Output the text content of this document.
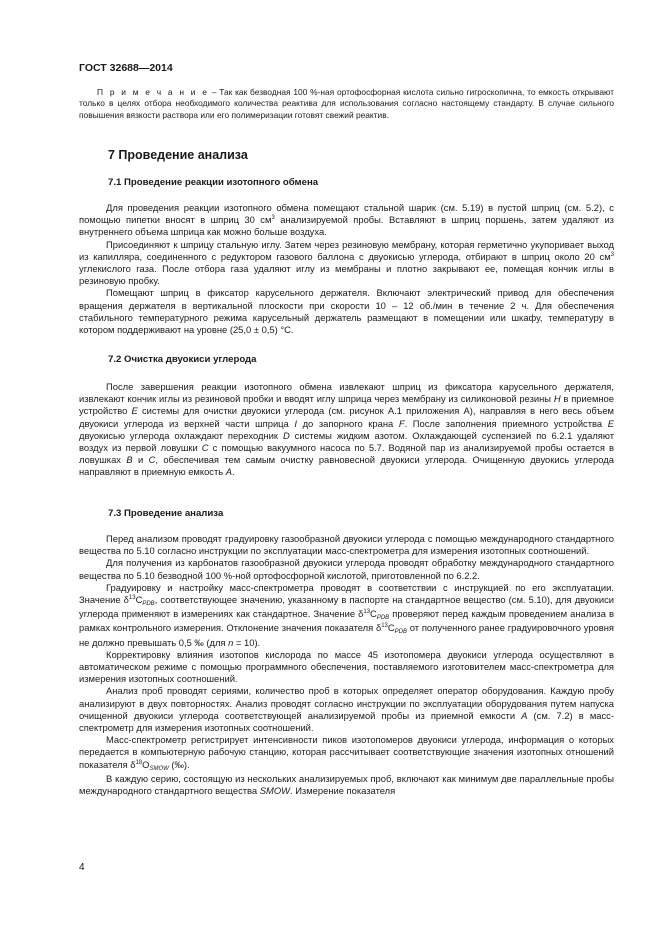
ГОСТ 32688—2014
П р и м е ч а н и е – Так как безводная 100 %-ная ортофосфорная кислота сильно гигроскопична, то емкость открывают только в целях отбора необходимого количества реактива для использования согласно настоящему стандарту. В случае сильного повышения вязкости раствора или его полимеризации готовят свежий реактив.
7 Проведение анализа
7.1 Проведение реакции изотопного обмена
Для проведения реакции изотопного обмена помещают стальной шарик (см. 5.19) в пустой шприц (см. 5.2), с помощью пипетки вносят в шприц 30 $см^3$ анализируемой пробы. Вставляют в шприц поршень, затем удаляют из внутреннего объема шприца как можно больше воздуха.
Присоединяют к шприцу стальную иглу. Затем через резиновую мембрану, которая герметично укупоривает выход из капилляра, соединенного с редуктором газового баллона с двуокисью углерода, отбирают в шприц около 20 $см^3$ углекислого газа. После отбора газа удаляют иглу из мембраны и плотно закрывают ее, помещая кончик иглы в резиновую пробку.
Помещают шприц в фиксатор карусельного держателя. Включают электрический привод для обеспечения вращения держателя в вертикальной плоскости при скорости 10 – 12 об./мин в течение 2 ч. Для обеспечения стабильного температурного режима карусельный держатель размещают в помещении или шкафу, температуру в котором поддерживают на уровне (25,0 ± 0,5) °С.
7.2 Очистка двуокиси углерода
После завершения реакции изотопного обмена извлекают шприц из фиксатора карусельного держателя, извлекают кончик иглы из резиновой пробки и вводят иглу шприца через мембрану из силиконовой резины H в приемное устройство E системы для очистки двуокиси углерода (см. рисунок А.1 приложения А), направляя в него весь объем двуокиси углерода из верхней части шприца I до запорного крана F. После заполнения приемного устройства E двуокисью углерода охлаждают переходник D системы жидким азотом. Охлаждающей суспензией по 6.2.1 удаляют воздух из первой ловушки C с помощью вакуумного насоса по 5.7. Водяной пар из анализируемой пробы остается в ловушках B и C, обеспечивая тем самым очистку равновесной двуокиси углерода. Очищенную двуокись углерода направляют в приемную емкость А.
7.3 Проведение анализа
Перед анализом проводят градуировку газообразной двуокиси углерода с помощью международного стандартного вещества по 5.10 согласно инструкции по эксплуатации масс-спектрометра для измерения изотопных соотношений.
Для получения из карбонатов газообразной двуокиси углерода проводят обработку международного стандартного вещества по 5.10 безводной 100 %-ной ортофосфорной кислотой, приготовленной по 6.2.2.
Градуировку и настройку масс-спектрометра проводят в соответствии с инструкцией по его эксплуатации. Значение $\delta^{13}С_{PDB}$, соответствующее значению, указанному в паспорте на стандартное вещество (см. 5.10), для двуокиси углерода применяют в измерениях как стандартное. Значение $\delta^{13}С_{PDB}$ проверяют перед каждым проведением анализа в рамках контрольного измерения. Отклонение значения показателя $\delta^{13}С_{PDB}$ от полученного ранее градуировочного уровня не должно превышать 0,5 ‰ (для n = 10).
Корректировку влияния изотопов кислорода по массе 45 изотопомера двуокиси углерода осуществляют в автоматическом режиме с помощью программного обеспечения, поставляемого изготовителем масс-спектрометра для измерения изотопных соотношений.
Анализ проб проводят сериями, количество проб в которых определяет оператор оборудования. Каждую пробу анализируют в двух повторностях. Анализ проводят согласно инструкции по эксплуатации оборудования путем напуска очищенной двуокиси углерода соответствующей анализируемой пробы из приемной емкости А (см. 7.2) в масс-спектрометр для измерения изотопных соотношений.
Масс-спектрометр регистрирует интенсивности пиков изотопомеров двуокиси углерода, информация о которых передается в компьютерную рабочую станцию, которая рассчитывает соответствующие значения изотопных отношений показателя $\delta^{18}O_{SMOW}$ (‰).
В каждую серию, состоящую из нескольких анализируемых проб, включают как минимум две параллельные пробы международного стандартного вещества SMOW. Измерение показателя
4
